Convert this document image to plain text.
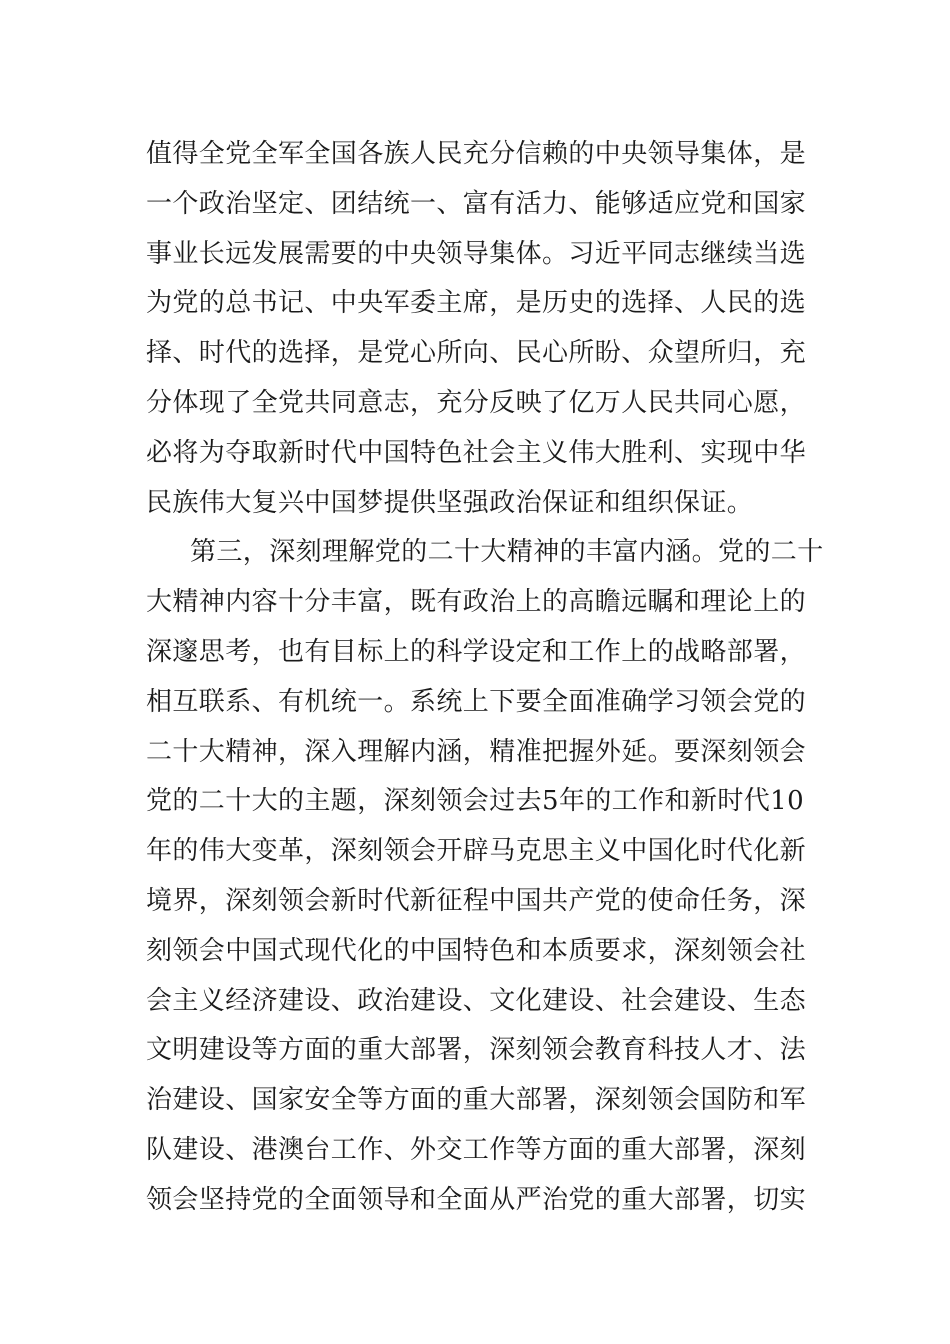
值得全党全军全国各族人民充分信赖的中央领导集体，是
一个政治坚定、团结统一、富有活力、能够适应党和国家
事业长远发展需要的中央领导集体。习近平同志继续当选
为党的总书记、中央军委主席，是历史的选择、人民的选
择、时代的选择，是党心所向、民心所盼、众望所归，充
分体现了全党共同意志，充分反映了亿万人民共同心愿，
必将为夺取新时代中国特色社会主义伟大胜利、实现中华
民族伟大复兴中国梦提供坚强政治保证和组织保证。
第三，深刻理解党的二十大精神的丰富内涵。党的二十
大精神内容十分丰富，既有政治上的高瞻远瞩和理论上的
深邃思考，也有目标上的科学设定和工作上的战略部署，
相互联系、有机统一。系统上下要全面准确学习领会党的
二十大精神，深入理解内涵，精准把握外延。要深刻领会
党的二十大的主题，深刻领会过去5年的工作和新时代10
年的伟大变革，深刻领会开辟马克思主义中国化时代化新
境界，深刻领会新时代新征程中国共产党的使命任务，深
刻领会中国式现代化的中国特色和本质要求，深刻领会社
会主义经济建设、政治建设、文化建设、社会建设、生态
文明建设等方面的重大部署，深刻领会教育科技人才、法
治建设、国家安全等方面的重大部署，深刻领会国防和军
队建设、港澳台工作、外交工作等方面的重大部署，深刻
领会坚持党的全面领导和全面从严治党的重大部署，切实
